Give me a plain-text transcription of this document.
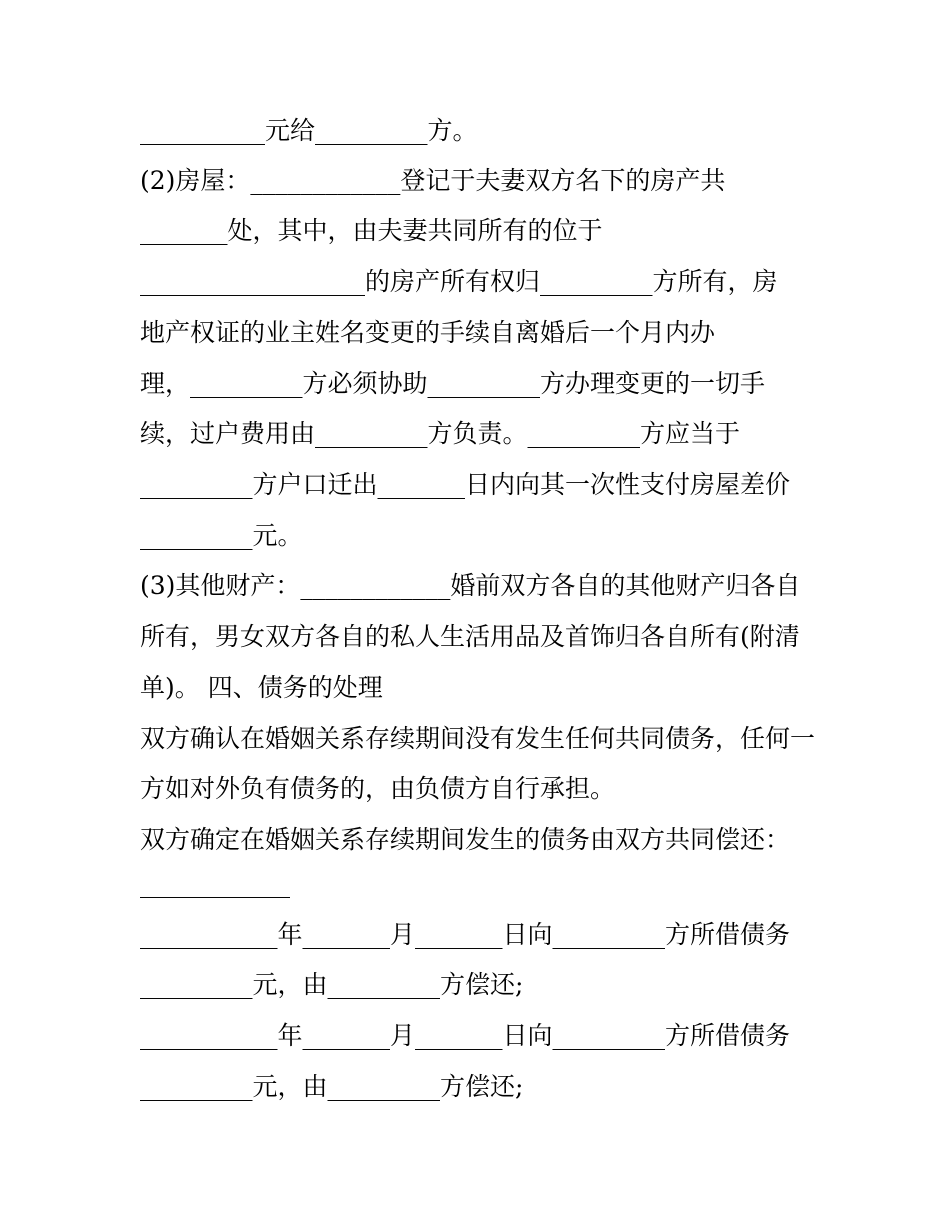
__________元给_________方。
(2)房屋：____________登记于夫妻双方名下的房产共
_______处，其中，由夫妻共同所有的位于
__________________的房产所有权归_________方所有，房
地产权证的业主姓名变更的手续自离婚后一个月内办
理，_________方必须协助_________方办理变更的一切手
续，过户费用由_________方负责。_________方应当于
_________方户口迁出_______日内向其一次性支付房屋差价
_________元。
(3)其他财产：____________婚前双方各自的其他财产归各自
所有，男女双方各自的私人生活用品及首饰归各自所有(附清
单)。 四、债务的处理
双方确认在婚姻关系存续期间没有发生任何共同债务，任何一
方如对外负有债务的，由负债方自行承担。
双方确定在婚姻关系存续期间发生的债务由双方共同偿还：
____________
___________年_______月_______日向_________方所借债务
_________元，由_________方偿还;
___________年_______月_______日向_________方所借债务
_________元，由_________方偿还;
